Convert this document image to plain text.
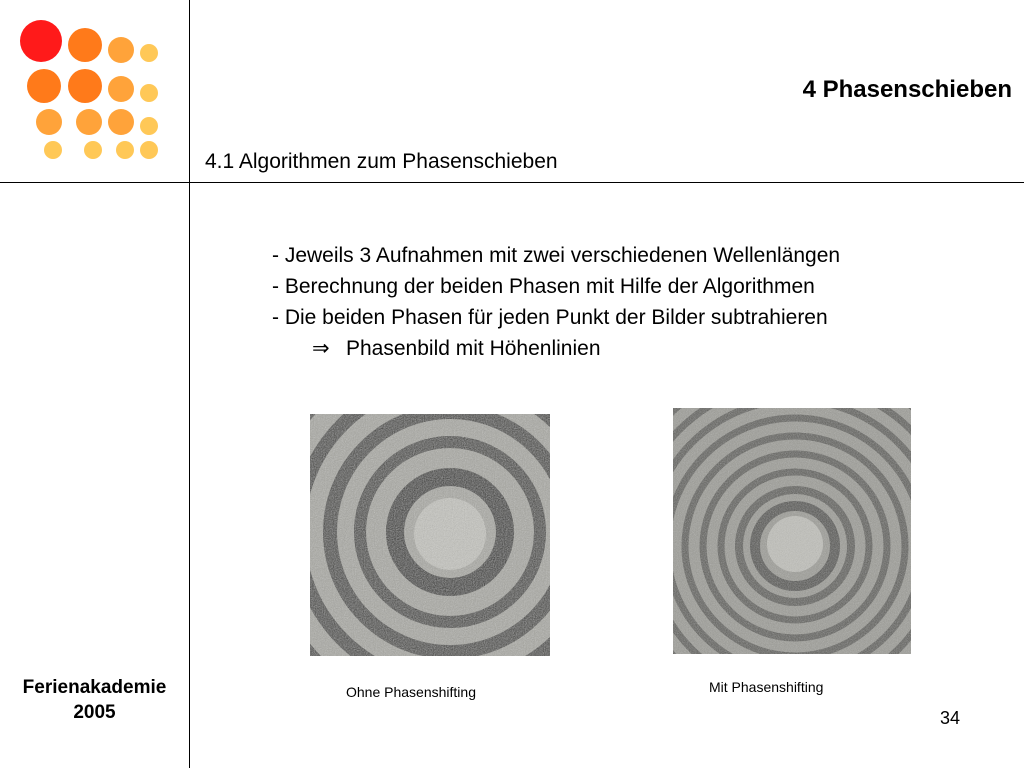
4 Phasenschieben
4.1 Algorithmen zum Phasenschieben
- Jeweils 3 Aufnahmen mit zwei verschiedenen Wellenlängen
- Berechnung der beiden Phasen mit Hilfe der Algorithmen
- Die beiden Phasen für jeden Punkt der Bilder subtrahieren
⇒ Phasenbild mit Höhenlinien
Ohne Phasenshifting	Mit Phasenshifting
Ferienakademie
2005	34
